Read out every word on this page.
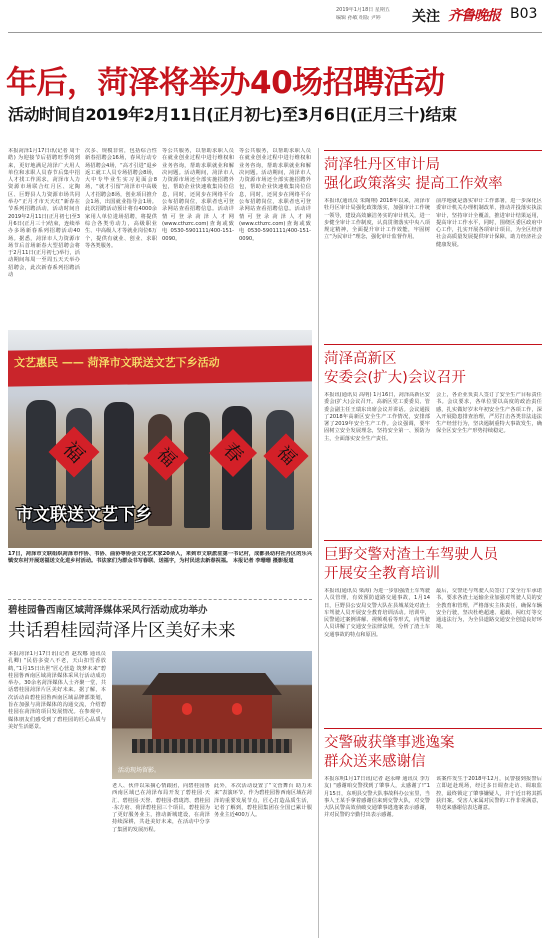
2019年1月18日 星期五
编辑 孙敏 组版 尹婷	关注 齐鲁晚报 B03
年后，菏泽将举办40场招聘活动
活动时间自2019年2月11日(正月初七)至3月6日(正月三十)结束
本报菏泽1月17日讯(记者 周千皓) 为迎接节后招聘旺季的到来，更好地满足菏泽广大用人单位和求职人员春节后集中招人才找工作需求，菏泽市人力资源市场联合红月区、定陶区、巨野县人力资源市场共同举办“正月才市天天红”新春在节系列招聘活动，活动时间自2019年2月11日(正月初七)至3月6日(正月三十)结束，连续举办多场新春系列招聘活动40场。据悉，菏泽市人力资源市场节后首场新春大型招聘会将于2月11日(正月初七)举行，活动期间每周一至周五天天举办招聘会，此次新春系列招聘活动
次多、规模非常，包括综合性新春招聘会16场，春风行动专场招聘会4场，“高才引进”退乡返工就工人员专场招聘会8场，大中专毕业生实习见面会8场，“就才引留”菏泽市中高级人才招聘会8场，创业项目推介会1场，出国就业指导会1场。此次招聘活动预计将有4000余家用人单位进场招聘，将提供综合各类劳动力，高级职业生、中高级人才等就业岗位6万个，提供有就业、创业、求职等各类服务。
等公共服务，以帮助求职人员在就业创业过程中进行维权和业务咨询，帮助求职就业和解决问题。活动期间，菏泽市人力资源市场还全部实施招聘外包，帮助企业快速收集岗位信息，同时，还同步在网络平台公布招聘岗位，求职者也可登录网站查看招聘信息。活动详情可登录菏泽人才网(www.cthzrc.com)查询或致电0530-5901111/400-151-0090。
等公共服务，以帮助求职人员在就业创业过程中进行维权和业务咨询，帮助求职就业和解决问题。活动期间，菏泽市人力资源市场还全部实施招聘外包，帮助企业快速收集岗位信息，同时，还同步在网络平台公布招聘岗位，求职者也可登录网站查看招聘信息。活动详情可登录菏泽人才网(www.cthzrc.com)查询或致电0530-5901111/400-151-0090。
文艺惠民 —— 菏泽市文联送文艺下乡活动
福	福	春	福
市文联送文艺下乡
17日，菏泽市文联组织菏泽市作协、书协、曲协等协会文化艺术家20余人，来到市文联派驻第一书记村，成都县幼村社丹区的乐兴镇安东村开展送福送文化进乡村活动。书法家们为群众书写春联、送福字，为村民送去新春祝福。 本报记者 李珊珊 摄影报道
碧桂园鲁西南区域菏泽媒体采风行活动成功举办
共话碧桂园菏泽片区美好未来
本报菏泽1月17日讯(记者 赵玫娜 通讯员 孔卿) “民俗多姿八不老，天山扣雪香放鹤，”1月15日出世“匠心营造 筑梦未来”碧桂园鲁西南区域菏泽媒体采风行活动成功举办。30余名菏泽媒体人士齐聚一堂，共话碧桂园菏泽片区美好未来。据了解，本次活动由碧桂园鲁西南区域品牌部策划，旨在加强与菏泽媒体的沟通交流，介绍碧桂园在菏泽的项目发展情况。在参观中，媒体朋友们感受到了碧桂园的匠心品质与美好生活愿景。
活动现场留影。
老人、伙伴以采摘心情跟团，向碧桂园鲁西南区域已在菏泽布局开发了碧桂园·天汇、碧桂园·天誉、碧桂园·碧珑湾、碧桂园·东方府、荷泽碧桂园三个项目。碧桂园为了更好服务业主，推动新城建设，在菏泽持续深耕，共赴美好未来，在活动中分享了集团的发展历程。
此外，本次活动设置了“文营舞台 助力未来”表演环节，作为碧桂园鲁西南区域在菏泽的重要发展节点，匠心打造品质生活，记者了解到，碧桂园集团在全国已累计服务业主近400万人。
菏泽牡丹区审计局
强化政策落实 提高工作效率
本报讯(通讯员 朱陶翔) 2018年以来，菏泽市牡丹区审计局强化政策落实，加强审计工作统一领导，建设高效廉洁务实的审计机关，进一步健全审计工作制度，认真贯彻落实中央八项规定精神，全面提升审计工作效能，牢固树立“为民审计”理念，强化审计监督作用。
前序地就是落实审计工作部署，进一步深化区委审计机关办理机制改革，推动并投落实执法审计，坚持审计全覆盖，推进审计结果运用，提高审计工作水平，同时，围绕区委区政府中心工作，扎实开展各项审计项目，为全区经济社会高质量发展提供审计保障，助力经济社会健康发展。
菏泽高新区
安委会(扩大)会议召开
本报讯(通讯员 高明) 1月16日，菏泽高新区安委会(扩大)会议召开。高新区党工委委员、管委会副主任王瑞东出席会议并讲话。会议通报了2018年高新区安全生产工作情况，安排部署了2019年安全生产工作。会议强调，要牢固树立安全发展理念，坚持安全第一、预防为主，全面落实安全生产责任。
会上，各企业负责人签订了安全生产目标责任书。会议要求，各单位要以高度的政治责任感，扎实做好岁末年初安全生产各项工作，深入开展隐患排查治理，严厉打击各类非法违法生产经营行为，坚决遏制重特大事故发生，确保全区安全生产形势持续稳定。
巨野交警对渣土车驾驶人员
开展安全教育培训
本报讯(通讯员 梁海) 为进一步加强渣土车驾驶人员管理，有效预防道路交通事故，1月14日，巨野县公安局交警大队在县城某处对渣土车驾驶人员开展安全教育培训活动。培训中，民警通过案例讲解、视频观看等形式，向驾驶人员讲解了交通安全法律法规，分析了渣土车交通事故的特点和原因。
最后，交警还与驾驶人员签订了安全行车承诺书，要求各渣土运输企业加强对驾驶人员的安全教育和管理，严格落实主体责任，确保车辆安全行驶，坚决杜绝超速、超载、闯红灯等交通违法行为，为全县道路交通安全创造良好环境。
交警破获肇事逃逸案
群众送来感谢信
本报东明1月17日讯(记者 赵永峰 通讯员 李万友) “感谢咱交警找到了肇事人，太感谢了!”1月15日，东明县交警大队事故科办公室里，当事人王某手拿着感谢信来到交警大队，对交警大队民警高效侦破交通肇事逃逸案表示感谢，并对民警的辛勤付出表示感谢。
该案件发生于2018年12月，民警接到报警后立即赶赴现场，经过多日调查走访、调取监控，最终锁定了肇事嫌疑人，并于近日将其抓获归案。受害人家属对民警的工作非常满意，特送来感谢信表达谢意。
